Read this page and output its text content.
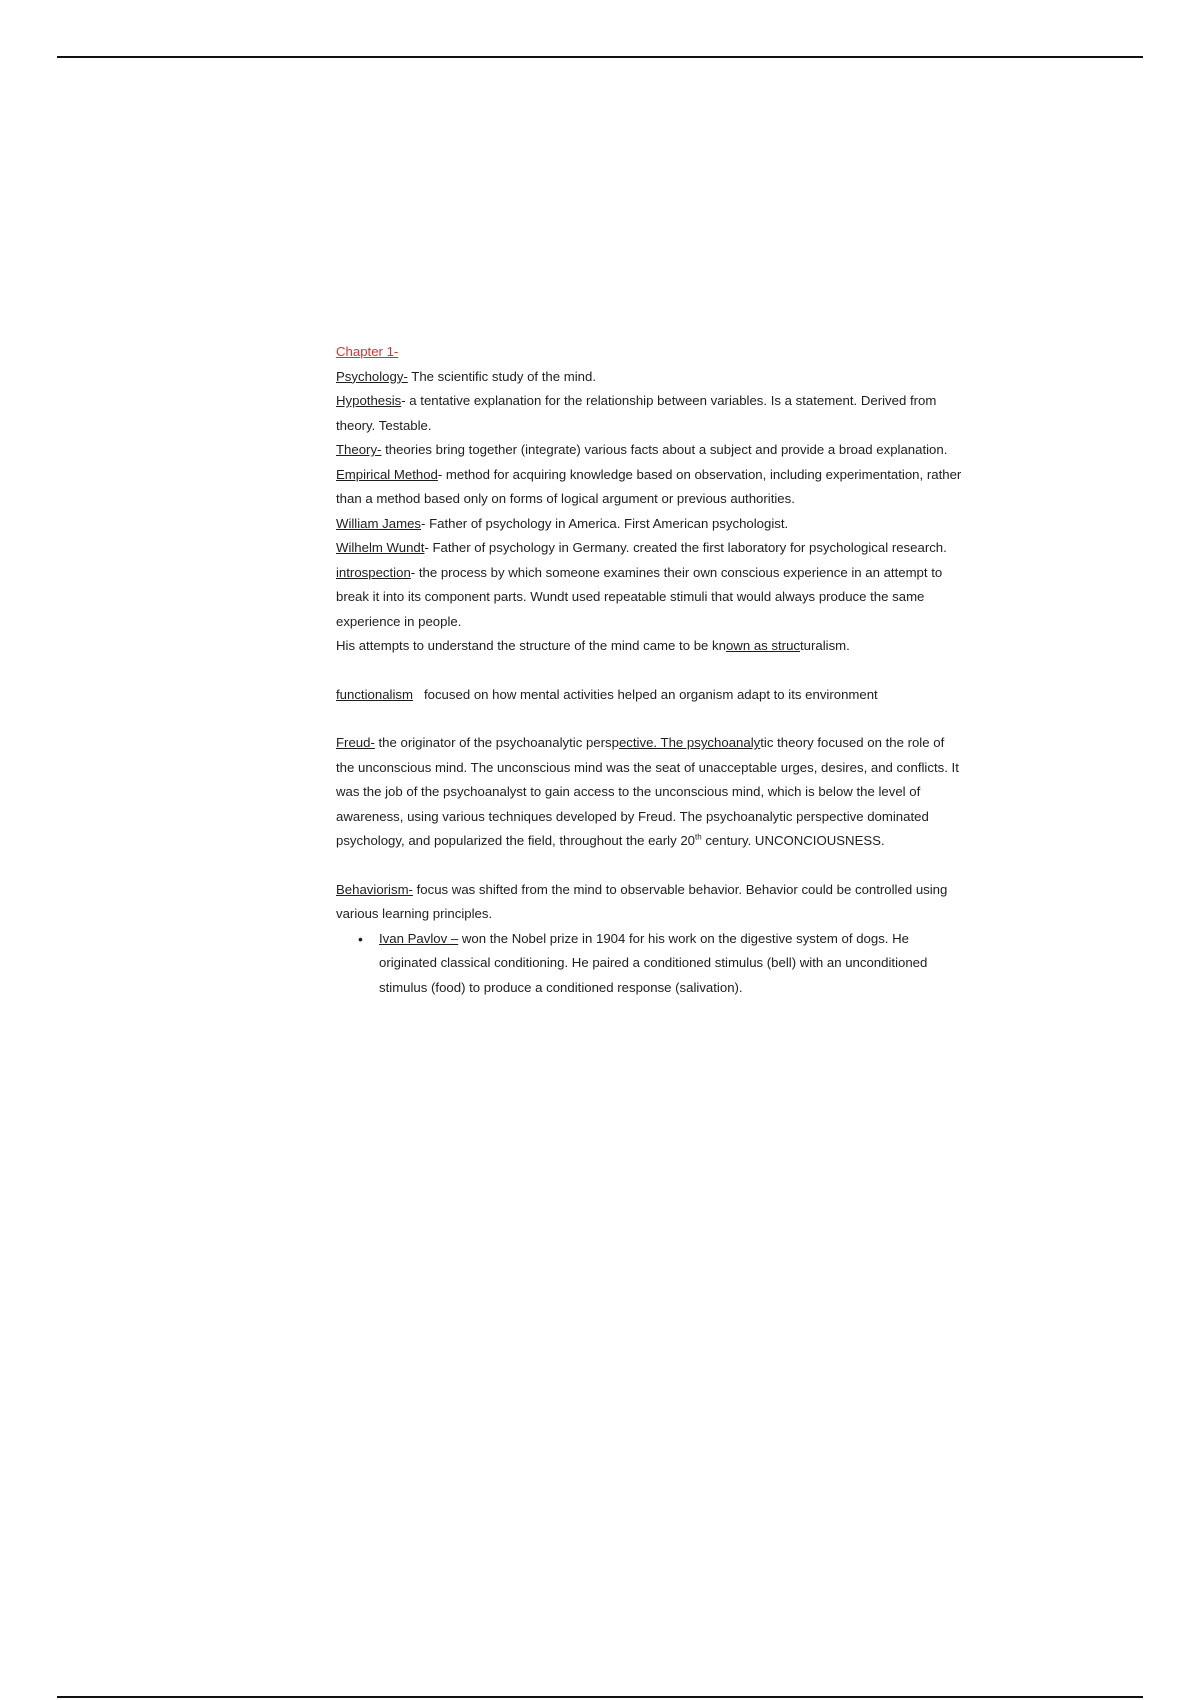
Chapter 1-

Psychology- The scientific study of the mind.

Hypothesis- a tentative explanation for the relationship between variables. Is a statement. Derived from theory. Testable.

Theory- theories bring together (integrate) various facts about a subject and provide a broad explanation.

Empirical Method- method for acquiring knowledge based on observation, including experimentation, rather than a method based only on forms of logical argument or previous authorities.

William James- Father of psychology in America. First American psychologist.

Wilhelm Wundt- Father of psychology in Germany. created the first laboratory for psychological research.

introspection- the process by which someone examines their own conscious experience in an attempt to break it into its component parts. Wundt used repeatable stimuli that would always produce the same experience in people.

His attempts to understand the structure of the mind came to be known as structuralism.

functionalism   focused on how mental activities helped an organism adapt to its environment

Freud- the originator of the psychoanalytic perspective. The psychoanalytic theory focused on the role of the unconscious mind. The unconscious mind was the seat of unacceptable urges, desires, and conflicts. It was the job of the psychoanalyst to gain access to the unconscious mind, which is below the level of awareness, using various techniques developed by Freud. The psychoanalytic perspective dominated psychology, and popularized the field, throughout the early 20th century. UNCONCIOUSNESS.

Behaviorism- focus was shifted from the mind to observable behavior. Behavior could be controlled using various learning principles.

• Ivan Pavlov – won the Nobel prize in 1904 for his work on the digestive system of dogs. He originated classical conditioning. He paired a conditioned stimulus (bell) with an unconditioned stimulus (food) to produce a conditioned response (salivation).
